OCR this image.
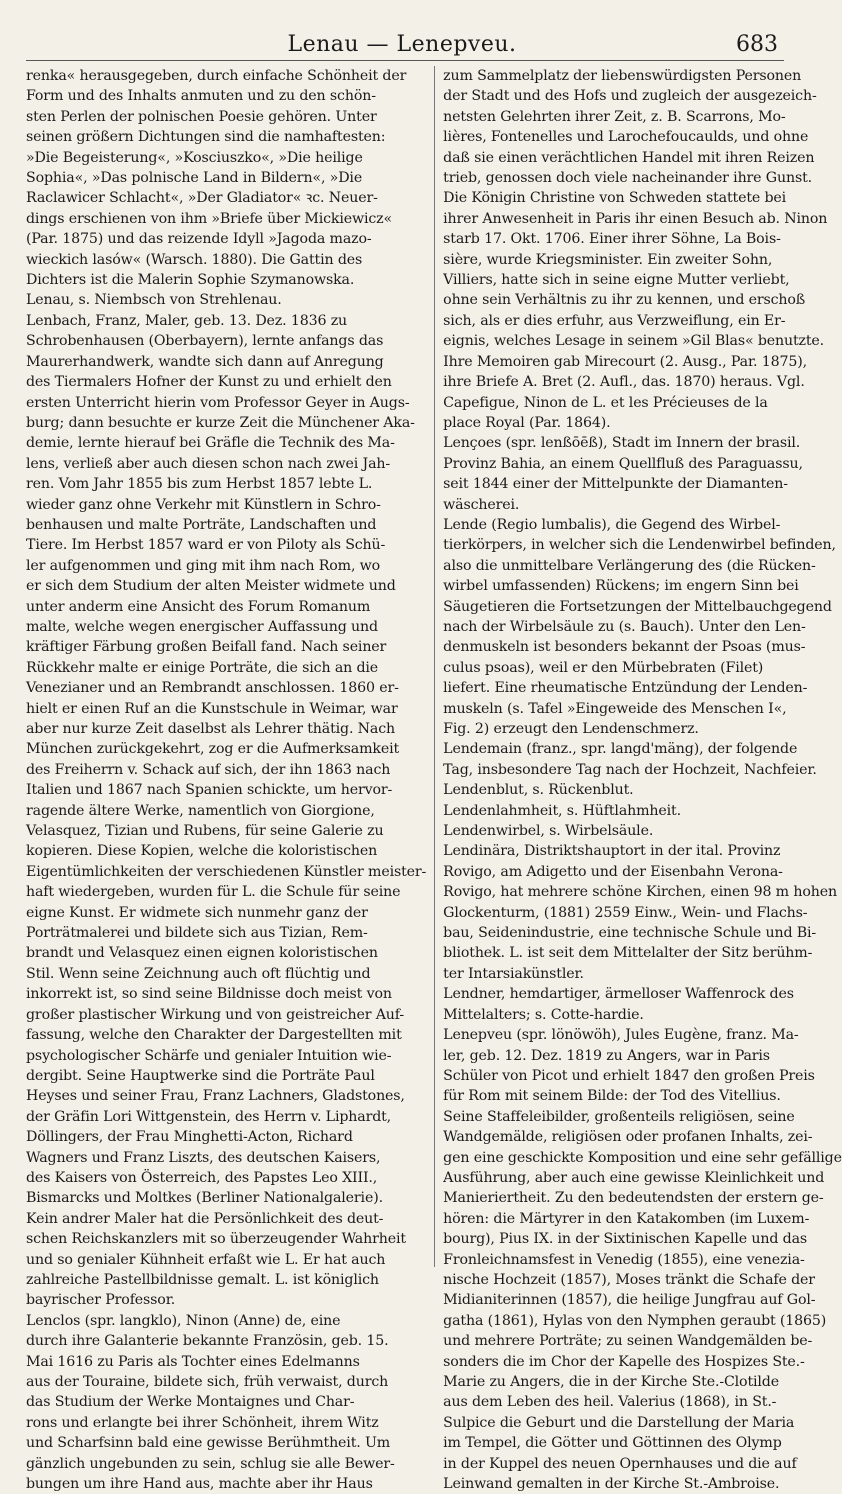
Lenau — Lenepveu.	683
renka« herausgegeben, durch einfache Schönheit der
Form und des Inhalts anmuten und zu den schön-
sten Perlen der polnischen Poesie gehören. Unter
seinen größern Dichtungen sind die namhaftesten:
»Die Begeisterung«, »Kosciuszko«, »Die heilige
Sophia«, »Das polnische Land in Bildern«, »Die
Raclawicer Schlacht«, »Der Gladiator« ꝛc. Neuer-
dings erschienen von ihm »Briefe über Mickiewicz«
(Par. 1875) und das reizende Idyll »Jagoda mazo-
wieckich lasów« (Warsch. 1880). Die Gattin des
Dichters ist die Malerin Sophie Szymanowska.
Lenau, s. Niembsch von Strehlenau.
Lenbach, Franz, Maler, geb. 13. Dez. 1836 zu
Schrobenhausen (Oberbayern), lernte anfangs das
Maurerhandwerk, wandte sich dann auf Anregung
des Tiermalers Hofner der Kunst zu und erhielt den
ersten Unterricht hierin vom Professor Geyer in Augs-
burg; dann besuchte er kurze Zeit die Münchener Aka-
demie, lernte hierauf bei Gräfle die Technik des Ma-
lens, verließ aber auch diesen schon nach zwei Jah-
ren. Vom Jahr 1855 bis zum Herbst 1857 lebte L.
wieder ganz ohne Verkehr mit Künstlern in Schro-
benhausen und malte Porträte, Landschaften und
Tiere. Im Herbst 1857 ward er von Piloty als Schü-
ler aufgenommen und ging mit ihm nach Rom, wo
er sich dem Studium der alten Meister widmete und
unter anderm eine Ansicht des Forum Romanum
malte, welche wegen energischer Auffassung und
kräftiger Färbung großen Beifall fand. Nach seiner
Rückkehr malte er einige Porträte, die sich an die
Venezianer und an Rembrandt anschlossen. 1860 er-
hielt er einen Ruf an die Kunstschule in Weimar, war
aber nur kurze Zeit daselbst als Lehrer thätig. Nach
München zurückgekehrt, zog er die Aufmerksamkeit
des Freiherrn v. Schack auf sich, der ihn 1863 nach
Italien und 1867 nach Spanien schickte, um hervor-
ragende ältere Werke, namentlich von Giorgione,
Velasquez, Tizian und Rubens, für seine Galerie zu
kopieren. Diese Kopien, welche die koloristischen
Eigentümlichkeiten der verschiedenen Künstler meister-
haft wiedergeben, wurden für L. die Schule für seine
eigne Kunst. Er widmete sich nunmehr ganz der
Porträtmalerei und bildete sich aus Tizian, Rem-
brandt und Velasquez einen eignen koloristischen
Stil. Wenn seine Zeichnung auch oft flüchtig und
inkorrekt ist, so sind seine Bildnisse doch meist von
großer plastischer Wirkung und von geistreicher Auf-
fassung, welche den Charakter der Dargestellten mit
psychologischer Schärfe und genialer Intuition wie-
dergibt. Seine Hauptwerke sind die Porträte Paul
Heyses und seiner Frau, Franz Lachners, Gladstones,
der Gräfin Lori Wittgenstein, des Herrn v. Liphardt,
Döllingers, der Frau Minghetti-Acton, Richard
Wagners und Franz Liszts, des deutschen Kaisers,
des Kaisers von Österreich, des Papstes Leo XIII.,
Bismarcks und Moltkes (Berliner Nationalgalerie).
Kein andrer Maler hat die Persönlichkeit des deut-
schen Reichskanzlers mit so überzeugender Wahrheit
und so genialer Kühnheit erfaßt wie L. Er hat auch
zahlreiche Pastellbildnisse gemalt. L. ist königlich
bayrischer Professor.
Lenclos (spr. langklo), Ninon (Anne) de, eine
durch ihre Galanterie bekannte Französin, geb. 15.
Mai 1616 zu Paris als Tochter eines Edelmanns
aus der Touraine, bildete sich, früh verwaist, durch
das Studium der Werke Montaignes und Char-
rons und erlangte bei ihrer Schönheit, ihrem Witz
und Scharfsinn bald eine gewisse Berühmtheit. Um
gänzlich ungebunden zu sein, schlug sie alle Bewer-
bungen um ihre Hand aus, machte aber ihr Haus
zum Sammelplatz der liebenswürdigsten Personen
der Stadt und des Hofs und zugleich der ausgezeich-
netsten Gelehrten ihrer Zeit, z. B. Scarrons, Mo-
lières, Fontenelles und Larochefoucaulds, und ohne
daß sie einen verächtlichen Handel mit ihren Reizen
trieb, genossen doch viele nacheinander ihre Gunst.
Die Königin Christine von Schweden stattete bei
ihrer Anwesenheit in Paris ihr einen Besuch ab. Ninon
starb 17. Okt. 1706. Einer ihrer Söhne, La Bois-
sière, wurde Kriegsminister. Ein zweiter Sohn,
Villiers, hatte sich in seine eigne Mutter verliebt,
ohne sein Verhältnis zu ihr zu kennen, und erschoß
sich, als er dies erfuhr, aus Verzweiflung, ein Er-
eignis, welches Lesage in seinem »Gil Blas« benutzte.
Ihre Memoiren gab Mirecourt (2. Ausg., Par. 1875),
ihre Briefe A. Bret (2. Aufl., das. 1870) heraus. Vgl.
Capefigue, Ninon de L. et les Précieuses de la
place Royal (Par. 1864).
Lençoes (spr. lenßōēß), Stadt im Innern der brasil.
Provinz Bahia, an einem Quellfluß des Paraguassu,
seit 1844 einer der Mittelpunkte der Diamanten-
wäscherei.
Lende (Regio lumbalis), die Gegend des Wirbel-
tierkörpers, in welcher sich die Lendenwirbel befinden,
also die unmittelbare Verlängerung des (die Rücken-
wirbel umfassenden) Rückens; im engern Sinn bei
Säugetieren die Fortsetzungen der Mittelbauchgegend
nach der Wirbelsäule zu (s. Bauch). Unter den Len-
denmuskeln ist besonders bekannt der Psoas (mus-
culus psoas), weil er den Mürbebraten (Filet)
liefert. Eine rheumatische Entzündung der Lenden-
muskeln (s. Tafel »Eingeweide des Menschen I«,
Fig. 2) erzeugt den Lendenschmerz.
Lendemain (franz., spr. langd'mäng), der folgende
Tag, insbesondere Tag nach der Hochzeit, Nachfeier.
Lendenblut, s. Rückenblut.
Lendenlahmheit, s. Hüftlahmheit.
Lendenwirbel, s. Wirbelsäule.
Lendinära, Distriktshauptort in der ital. Provinz
Rovigo, am Adigetto und der Eisenbahn Verona-
Rovigo, hat mehrere schöne Kirchen, einen 98 m hohen
Glockenturm, (1881) 2559 Einw., Wein- und Flachs-
bau, Seidenindustrie, eine technische Schule und Bi-
bliothek. L. ist seit dem Mittelalter der Sitz berühm-
ter Intarsiakünstler.
Lendner, hemdartiger, ärmelloser Waffenrock des
Mittelalters; s. Cotte-hardie.
Lenepveu (spr. lönöwöh), Jules Eugène, franz. Ma-
ler, geb. 12. Dez. 1819 zu Angers, war in Paris
Schüler von Picot und erhielt 1847 den großen Preis
für Rom mit seinem Bilde: der Tod des Vitellius.
Seine Staffeleibilder, großenteils religiösen, seine
Wandgemälde, religiösen oder profanen Inhalts, zei-
gen eine geschickte Komposition und eine sehr gefällige
Ausführung, aber auch eine gewisse Kleinlichkeit und
Manieriertheit. Zu den bedeutendsten der erstern ge-
hören: die Märtyrer in den Katakomben (im Luxem-
bourg), Pius IX. in der Sixtinischen Kapelle und das
Fronleichnamsfest in Venedig (1855), eine venezia-
nische Hochzeit (1857), Moses tränkt die Schafe der
Midianiterinnen (1857), die heilige Jungfrau auf Gol-
gatha (1861), Hylas von den Nymphen geraubt (1865)
und mehrere Porträte; zu seinen Wandgemälden be-
sonders die im Chor der Kapelle des Hospizes Ste.-
Marie zu Angers, die in der Kirche Ste.-Clotilde
aus dem Leben des heil. Valerius (1868), in St.-
Sulpice die Geburt und die Darstellung der Maria
im Tempel, die Götter und Göttinnen des Olymp
in der Kuppel des neuen Opernhauses und die auf
Leinwand gemalten in der Kirche St.-Ambroise.
